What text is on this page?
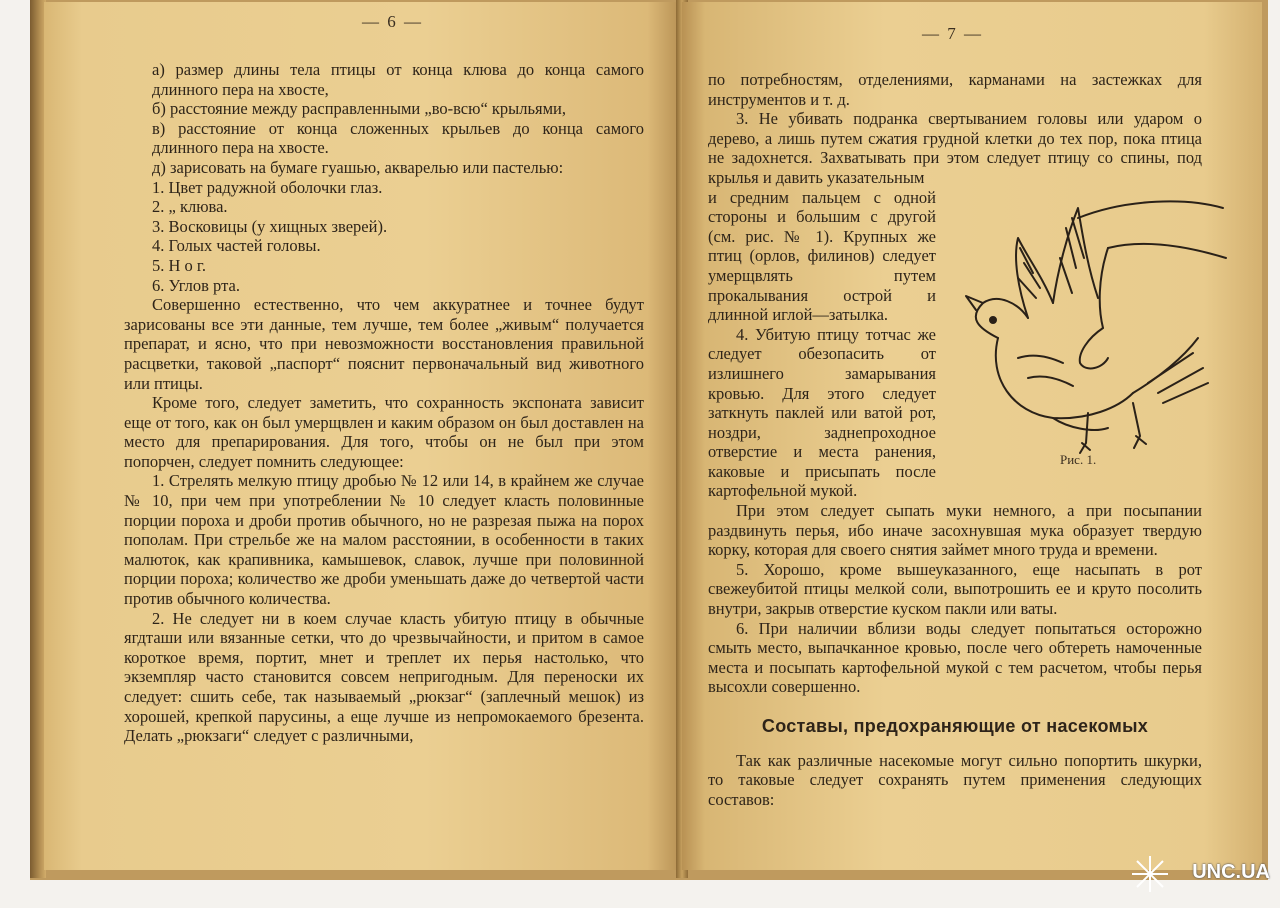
— 6 —

а) размер длины тела птицы от конца клюва до конца самого длинного пера на хвосте,

б) расстояние между расправленными „во-всю“ крыльями,

в) расстояние от конца сложенных крыльев до конца самого длинного пера на хвосте.

д) зарисовать на бумаге гуашью, акварелью или пастелью:

1. Цвет радужной оболочки глаз.

2. „ клюва.

3. Восковицы (у хищных зверей).

4. Голых частей головы.

5. Н о г.

6. Углов рта.

Совершенно естественно, что чем аккуратнее и точнее будут зарисованы все эти данные, тем лучше, тем более „живым“ получается препарат, и ясно, что при невозможности восстановления правильной расцветки, таковой „паспорт“ пояснит первоначальный вид животного или птицы.

Кроме того, следует заметить, что сохранность экспоната зависит еще от того, как он был умерщвлен и каким образом он был доставлен на место для препарирования. Для того, чтобы он не был при этом попорчен, следует помнить следующее:

1. Стрелять мелкую птицу дробью № 12 или 14, в крайнем же случае № 10, при чем при употреблении № 10 следует класть половинные порции пороха и дроби против обычного, но не разрезая пыжа на порох пополам. При стрельбе же на малом расстоянии, в особенности в таких малюток, как крапивника, камышевок, славок, лучше при половинной порции пороха; количество же дроби уменьшать даже до четвертой части против обычного количества.

2. Не следует ни в коем случае класть убитую птицу в обычные ягдташи или вязанные сетки, что до чрезвычайности, и притом в самое короткое время, портит, мнет и треплет их перья настолько, что экземпляр часто становится совсем непригодным. Для переноски их следует: сшить себе, так называемый „рюкзаг“ (заплечный мешок) из хорошей, крепкой парусины, а еще лучше из непромокаемого брезента. Делать „рюкзаги“ следует с различными,

— 7 —

по потребностям, отделениями, карманами на застежках для инструментов и т. д.

3. Не убивать подранка свертыванием головы или ударом о дерево, а лишь путем сжатия грудной клетки до тех пор, пока птица не задохнется. Захватывать при этом следует птицу со спины, под крылья и давить указательным

и средним пальцем с одной стороны и большим с другой (см. рис. № 1). Крупных же птиц (орлов, филинов) следует умерщвлять путем прокалывания острой и длинной иглой—затылка.

4. Убитую птицу тотчас же следует обезопасить от излишнего замарывания кровью. Для этого следует заткнуть паклей или ватой рот, ноздри, заднепроходное отверстие и места ранения, каковые и присыпать после картофельной мукой.

Рис. 1.

При этом следует сыпать муки немного, а при посыпании раздвинуть перья, ибо иначе засохнувшая мука образует твердую корку, которая для своего снятия займет много труда и времени.

5. Хорошо, кроме вышеуказанного, еще насыпать в рот свежеубитой птицы мелкой соли, выпотрошить ее и круто посолить внутри, закрыв отверстие куском пакли или ваты.

6. При наличии вблизи воды следует попытаться осторожно смыть место, выпачканное кровью, после чего обтереть намоченные места и посыпать картофельной мукой с тем расчетом, чтобы перья высохли совершенно.

Составы, предохраняющие от насекомых

Так как различные насекомые могут сильно попортить шкурки, то таковые следует сохранять путем применения следующих составов:

UNC.UA
